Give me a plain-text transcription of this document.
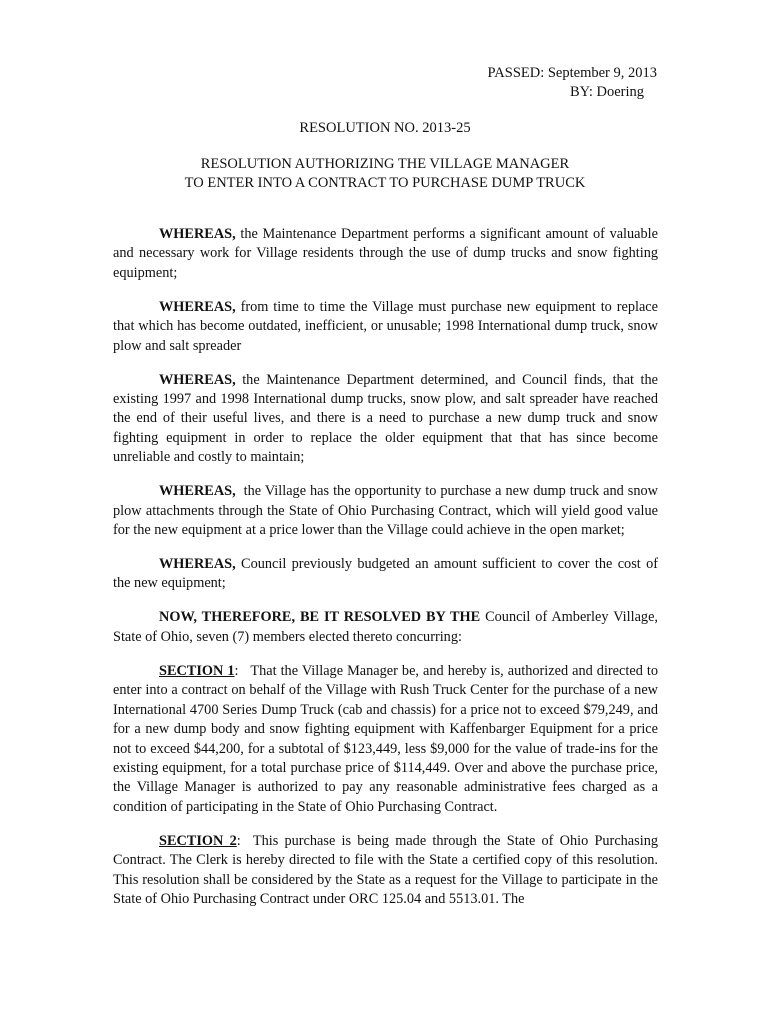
PASSED: September 9, 2013
BY: Doering
RESOLUTION NO. 2013-25
RESOLUTION AUTHORIZING THE VILLAGE MANAGER
TO ENTER INTO A CONTRACT TO PURCHASE DUMP TRUCK

WHEREAS, the Maintenance Department performs a significant amount of valuable and necessary work for Village residents through the use of dump trucks and snow fighting equipment;

WHEREAS, from time to time the Village must purchase new equipment to replace that which has become outdated, inefficient, or unusable; 1998 International dump truck, snow plow and salt spreader

WHEREAS, the Maintenance Department determined, and Council finds, that the existing 1997 and 1998 International dump trucks, snow plow, and salt spreader have reached the end of their useful lives, and there is a need to purchase a new dump truck and snow fighting equipment in order to replace the older equipment that that has since become unreliable and costly to maintain;

WHEREAS, the Village has the opportunity to purchase a new dump truck and snow plow attachments through the State of Ohio Purchasing Contract, which will yield good value for the new equipment at a price lower than the Village could achieve in the open market;

WHEREAS, Council previously budgeted an amount sufficient to cover the cost of the new equipment;

NOW, THEREFORE, BE IT RESOLVED BY THE Council of Amberley Village, State of Ohio, seven (7) members elected thereto concurring:

SECTION 1:   That the Village Manager be, and hereby is, authorized and directed to enter into a contract on behalf of the Village with Rush Truck Center for the purchase of a new International 4700 Series Dump Truck (cab and chassis) for a price not to exceed $79,249, and for a new dump body and snow fighting equipment with Kaffenbarger Equipment for a price not to exceed $44,200, for a subtotal of $123,449, less $9,000 for the value of trade-ins for the existing equipment, for a total purchase price of $114,449. Over and above the purchase price, the Village Manager is authorized to pay any reasonable administrative fees charged as a condition of participating in the State of Ohio Purchasing Contract.

SECTION 2:  This purchase is being made through the State of Ohio Purchasing Contract. The Clerk is hereby directed to file with the State a certified copy of this resolution. This resolution shall be considered by the State as a request for the Village to participate in the State of Ohio Purchasing Contract under ORC 125.04 and 5513.01. The
